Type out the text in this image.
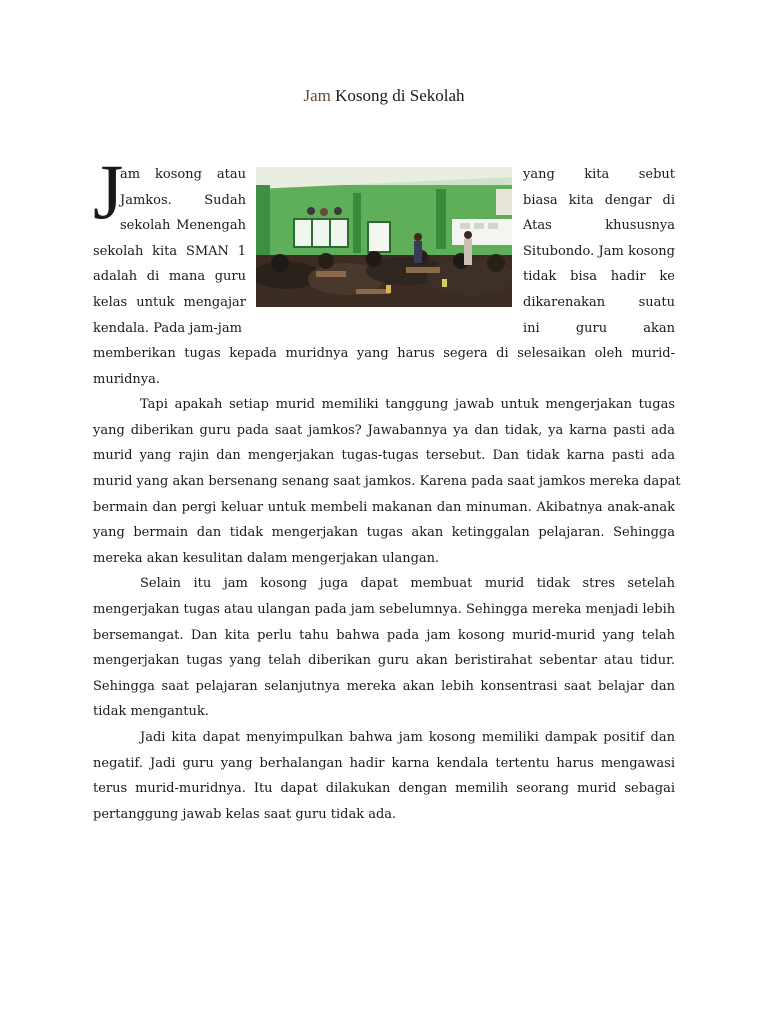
Jam Kosong di Sekolah
J
am kosong atau
Jamkos. Sudah
sekolah Menengah
sekolah kita SMAN 1
adalah di mana guru
kelas untuk mengajar
kendala. Pada jam-jam
yang kita sebut
biasa kita dengar di
Atas khususnya
Situbondo. Jam kosong
tidak bisa hadir ke
dikarenakan suatu
ini guru akan
memberikan tugas kepada muridnya yang harus segera di selesaikan oleh murid-
muridnya.
Tapi apakah setiap murid memiliki tanggung jawab untuk mengerjakan tugas
yang diberikan guru pada saat jamkos? Jawabannya ya dan tidak, ya karna pasti ada
murid yang rajin dan mengerjakan tugas-tugas tersebut. Dan tidak karna pasti ada
murid yang akan bersenang senang saat jamkos. Karena pada saat jamkos mereka dapat
bermain dan pergi keluar untuk membeli makanan dan minuman. Akibatnya anak-anak
yang bermain dan tidak mengerjakan tugas akan ketinggalan pelajaran. Sehingga
mereka akan kesulitan dalam mengerjakan ulangan.
Selain itu jam kosong juga dapat membuat murid tidak stres setelah
mengerjakan tugas atau ulangan pada jam sebelumnya. Sehingga mereka menjadi lebih
bersemangat. Dan kita perlu tahu bahwa pada jam kosong murid-murid yang telah
mengerjakan tugas yang telah diberikan guru akan beristirahat sebentar atau tidur.
Sehingga saat pelajaran selanjutnya mereka akan lebih konsentrasi saat belajar dan
tidak mengantuk.
Jadi kita dapat menyimpulkan bahwa jam kosong memiliki dampak positif dan
negatif. Jadi guru yang berhalangan hadir karna kendala tertentu harus mengawasi
terus murid-muridnya. Itu dapat dilakukan dengan memilih seorang murid sebagai
pertanggung jawab kelas saat guru tidak ada.
